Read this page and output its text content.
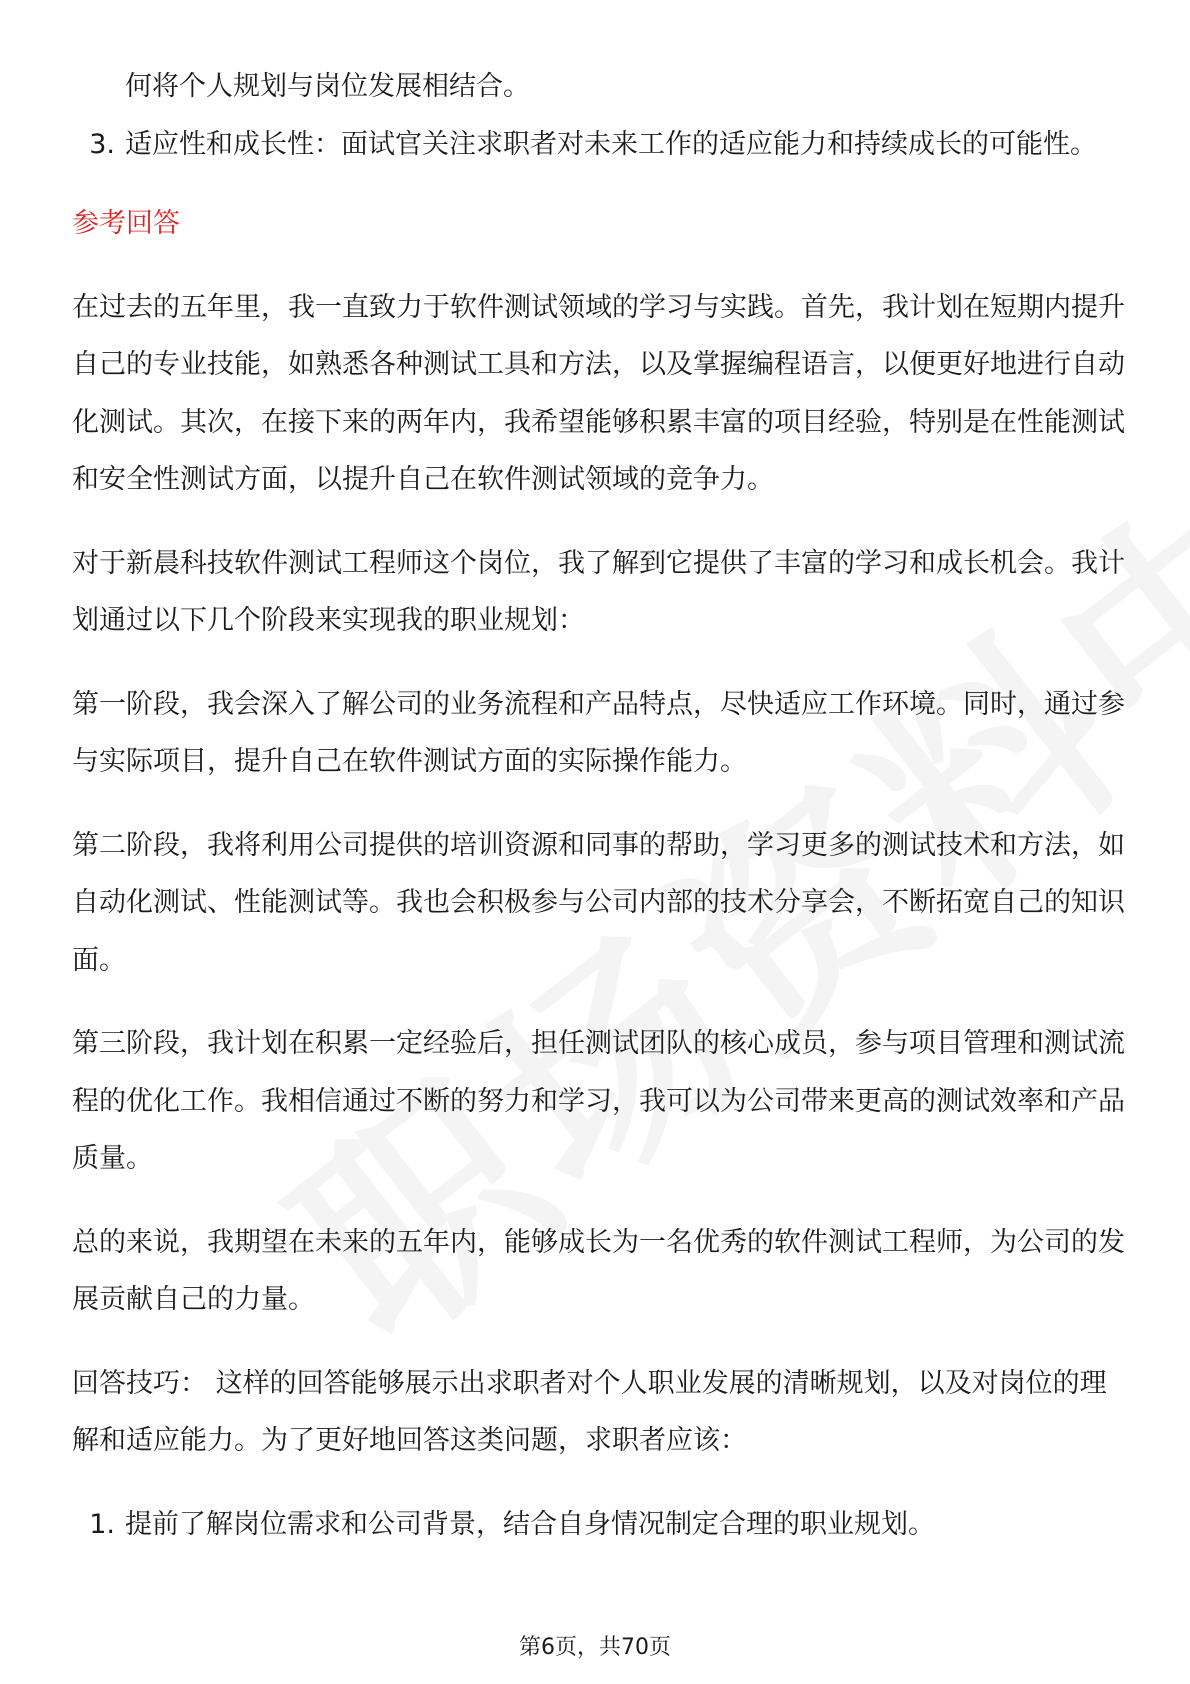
何将个人规划与岗位发展相结合。

3. 适应性和成长性：面试官关注求职者对未来工作的适应能力和持续成长的可能性。

参考回答

在过去的五年里，我一直致力于软件测试领域的学习与实践。首先，我计划在短期内提升自己的专业技能，如熟悉各种测试工具和方法，以及掌握编程语言，以便更好地进行自动化测试。其次，在接下来的两年内，我希望能够积累丰富的项目经验，特别是在性能测试和安全性测试方面，以提升自己在软件测试领域的竞争力。

对于新晨科技软件测试工程师这个岗位，我了解到它提供了丰富的学习和成长机会。我计划通过以下几个阶段来实现我的职业规划：

第一阶段，我会深入了解公司的业务流程和产品特点，尽快适应工作环境。同时，通过参与实际项目，提升自己在软件测试方面的实际操作能力。

第二阶段，我将利用公司提供的培训资源和同事的帮助，学习更多的测试技术和方法，如自动化测试、性能测试等。我也会积极参与公司内部的技术分享会，不断拓宽自己的知识面。

第三阶段，我计划在积累一定经验后，担任测试团队的核心成员，参与项目管理和测试流程的优化工作。我相信通过不断的努力和学习，我可以为公司带来更高的测试效率和产品质量。

总的来说，我期望在未来的五年内，能够成长为一名优秀的软件测试工程师，为公司的发展贡献自己的力量。

回答技巧： 这样的回答能够展示出求职者对个人职业发展的清晰规划，以及对岗位的理解和适应能力。为了更好地回答这类问题，求职者应该：

1. 提前了解岗位需求和公司背景，结合自身情况制定合理的职业规划。
第6页，共70页
